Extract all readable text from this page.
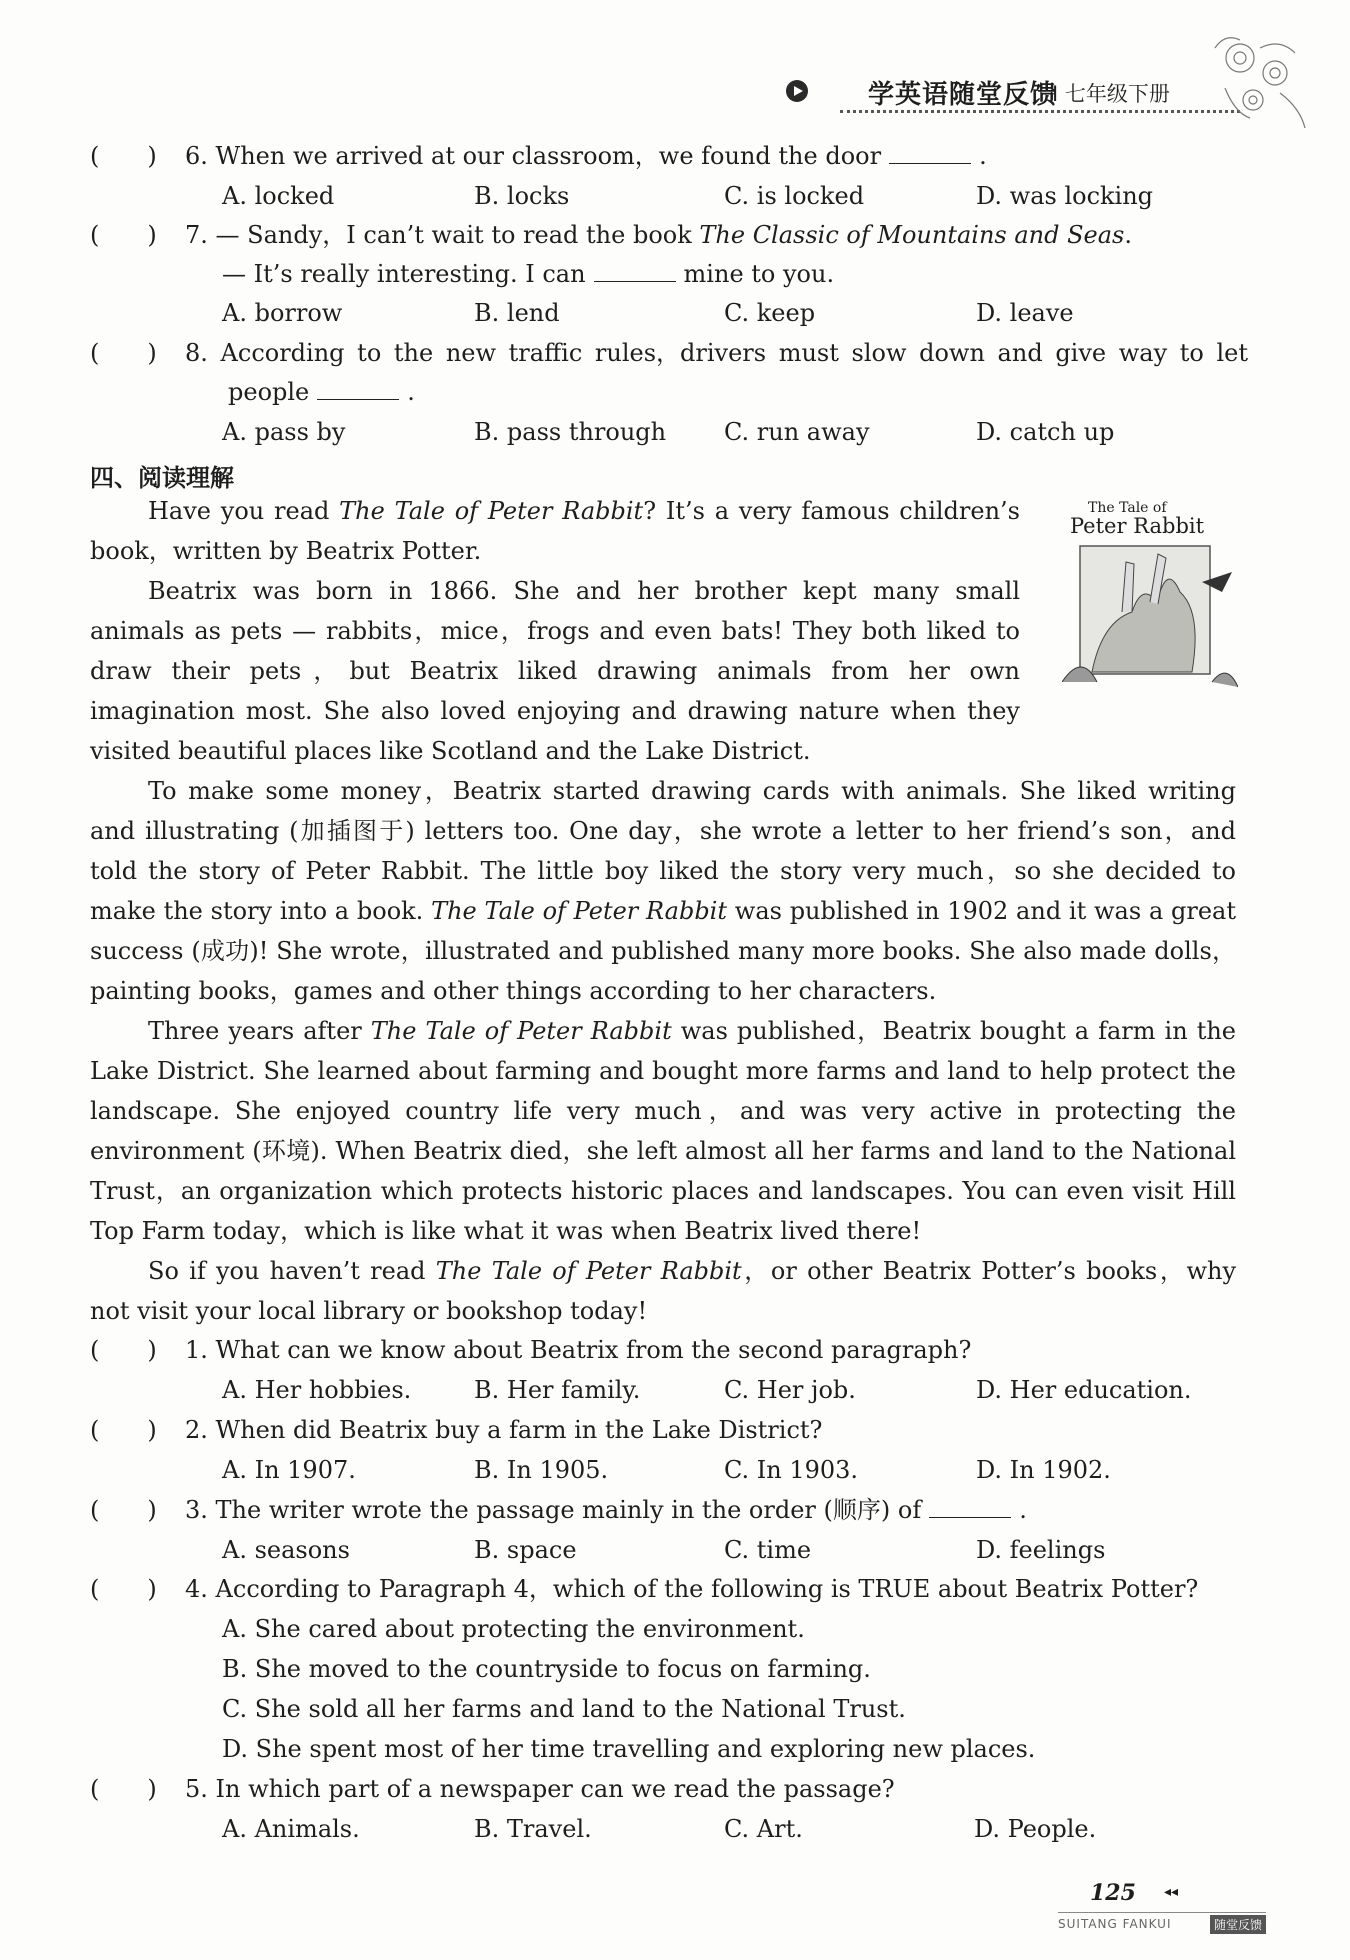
学英语随堂反馈
I 七年级下册
(　　) 6. When we arrived at our classroom，we found the door	.
A. locked	B. locks	C. is locked	D. was locking
(　　) 7. — Sandy，I can’t wait to read the book The Classic of Mountains and Seas.
— It’s really interesting. I can	mine to you.
A. borrow	B. lend	C. keep	D. leave
(　　) 8. According to the new traffic rules，drivers must slow down and give way to let
people	.
A. pass by	B. pass through C. run away	D. catch up
四、阅读理解
The Tale of
Peter Rabbit
Have you read The Tale of Peter Rabbit? It’s a very famous children’s book，written by Beatrix Potter.
Beatrix was born in 1866. She and her brother kept many small animals as pets — rabbits，mice，frogs and even bats! They both liked to draw their pets，but Beatrix liked drawing animals from her own imagination most. She also loved enjoying and drawing nature when they visited beautiful places like Scotland and the Lake District.
To make some money，Beatrix started drawing cards with animals. She liked writing and illustrating (加插图于) letters too. One day，she wrote a letter to her friend’s son，and told the story of Peter Rabbit. The little boy liked the story very much，so she decided to make the story into a book. The Tale of Peter Rabbit was published in 1902 and it was a great success (成功)! She wrote，illustrated and published many more books. She also made dolls，painting books，games and other things according to her characters.
Three years after The Tale of Peter Rabbit was published，Beatrix bought a farm in the Lake District. She learned about farming and bought more farms and land to help protect the landscape. She enjoyed country life very much，and was very active in protecting the environment (环境). When Beatrix died，she left almost all her farms and land to the National Trust，an organization which protects historic places and landscapes. You can even visit Hill Top Farm today，which is like what it was when Beatrix lived there!
So if you haven’t read The Tale of Peter Rabbit，or other Beatrix Potter’s books，why not visit your local library or bookshop today!
(　　) 1. What can we know about Beatrix from the second paragraph?
A. Her hobbies.	B. Her family.	C. Her job.	D. Her education.
(　　) 2. When did Beatrix buy a farm in the Lake District?
A. In 1907.	B. In 1905.	C. In 1903.	D. In 1902.
(　　) 3. The writer wrote the passage mainly in the order (顺序) of	.
A. seasons	B. space	C. time	D. feelings
(　　) 4. According to Paragraph 4，which of the following is TRUE about Beatrix Potter?
A. She cared about protecting the environment.
B. She moved to the countryside to focus on farming.
C. She sold all her farms and land to the National Trust.
D. She spent most of her time travelling and exploring new places.
(　　) 5. In which part of a newspaper can we read the passage?
A. Animals.	B. Travel.	C. Art.	D. People.
125 ◂◂
SUITANG FANKUI	随堂反馈
